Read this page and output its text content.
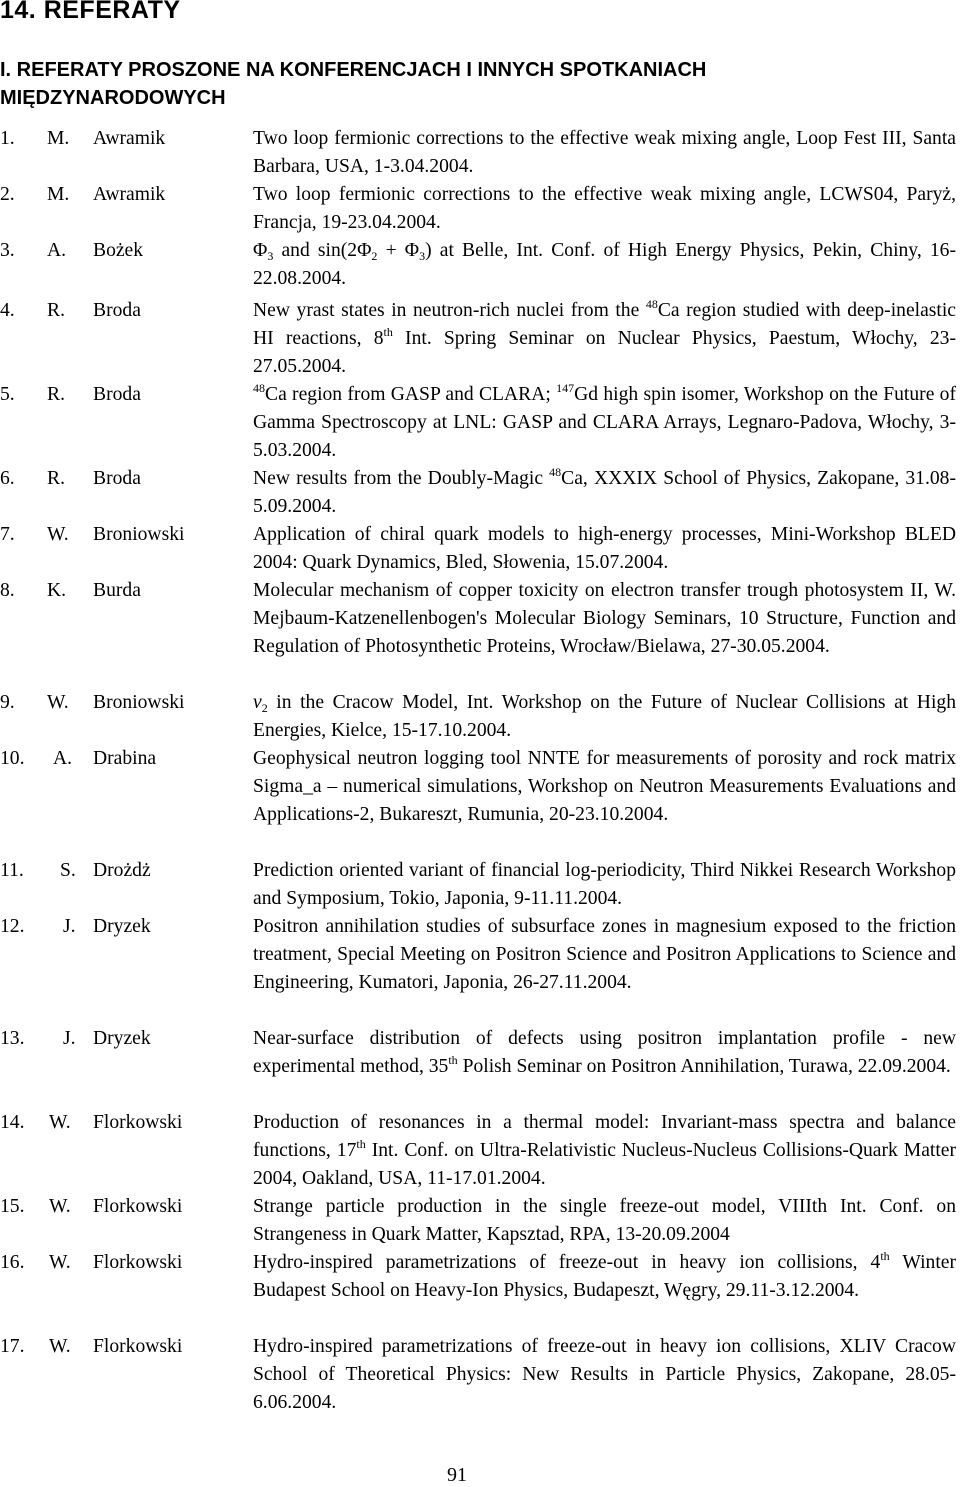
14. REFERATY
I. REFERATY PROSZONE NA KONFERENCJACH I INNYCH SPOTKANIACH MIĘDZYNARODOWYCH
1.	M. Awramik	Two loop fermionic corrections to the effective weak mixing angle, Loop Fest III, Santa Barbara, USA, 1-3.04.2004.
2.	M. Awramik	Two loop fermionic corrections to the effective weak mixing angle, LCWS04, Paryż, Francja, 19-23.04.2004.
3.	A. Bożek	$\Phi_3$ and $\sin(2\Phi_2 + \Phi_3)$ at Belle, Int. Conf. of High Energy Physics, Pekin, Chiny, 16-22.08.2004.
4.	R. Broda	New yrast states in neutron-rich nuclei from the $^{48}$Ca region studied with deep-inelastic HI reactions, 8th Int. Spring Seminar on Nuclear Physics, Paestum, Włochy, 23-27.05.2004.
5.	R. Broda	$^{48}$Ca region from GASP and CLARA; $^{147}$Gd high spin isomer, Workshop on the Future of Gamma Spectroscopy at LNL: GASP and CLARA Arrays, Legnaro-Padova, Włochy, 3-5.03.2004.
6.	R. Broda	New results from the Doubly-Magic $^{48}$Ca, XXXIX School of Physics, Zakopane, 31.08-5.09.2004.
7.	W. Broniowski	Application of chiral quark models to high-energy processes, Mini-Workshop BLED 2004: Quark Dynamics, Bled, Słowenia, 15.07.2004.
8.	K. Burda	Molecular mechanism of copper toxicity on electron transfer trough photosystem II, W. Mejbaum-Katzenellenbogen's Molecular Biology Seminars, 10 Structure, Function and Regulation of Photosynthetic Proteins, Wrocław/Bielawa, 27-30.05.2004.
9.	W. Broniowski	$v_2$ in the Cracow Model, Int. Workshop on the Future of Nuclear Collisions at High Energies, Kielce, 15-17.10.2004.
10.	A. Drabina	Geophysical neutron logging tool NNTE for measurements of porosity and rock matrix Sigma_a – numerical simulations, Workshop on Neutron Measurements Evaluations and Applications-2, Bukareszt, Rumunia, 20-23.10.2004.
11.	S. Drożdż	Prediction oriented variant of financial log-periodicity, Third Nikkei Research Workshop and Symposium, Tokio, Japonia, 9-11.11.2004.
12.	J. Dryzek	Positron annihilation studies of subsurface zones in magnesium exposed to the friction treatment, Special Meeting on Positron Science and Positron Applications to Science and Engineering, Kumatori, Japonia, 26-27.11.2004.
13.	J. Dryzek	Near-surface distribution of defects using positron implantation profile - new experimental method, 35th Polish Seminar on Positron Annihilation, Turawa, 22.09.2004.
14.	W. Florkowski	Production of resonances in a thermal model: Invariant-mass spectra and balance functions, 17th Int. Conf. on Ultra-Relativistic Nucleus-Nucleus Collisions-Quark Matter 2004, Oakland, USA, 11-17.01.2004.
15.	W. Florkowski	Strange particle production in the single freeze-out model, VIIIth Int. Conf. on Strangeness in Quark Matter, Kapsztad, RPA, 13-20.09.2004
16.	W. Florkowski	Hydro-inspired parametrizations of freeze-out in heavy ion collisions, 4th Winter Budapest School on Heavy-Ion Physics, Budapeszt, Węgry, 29.11-3.12.2004.
17.	W. Florkowski	Hydro-inspired parametrizations of freeze-out in heavy ion collisions, XLIV Cracow School of Theoretical Physics: New Results in Particle Physics, Zakopane, 28.05-6.06.2004.
91
